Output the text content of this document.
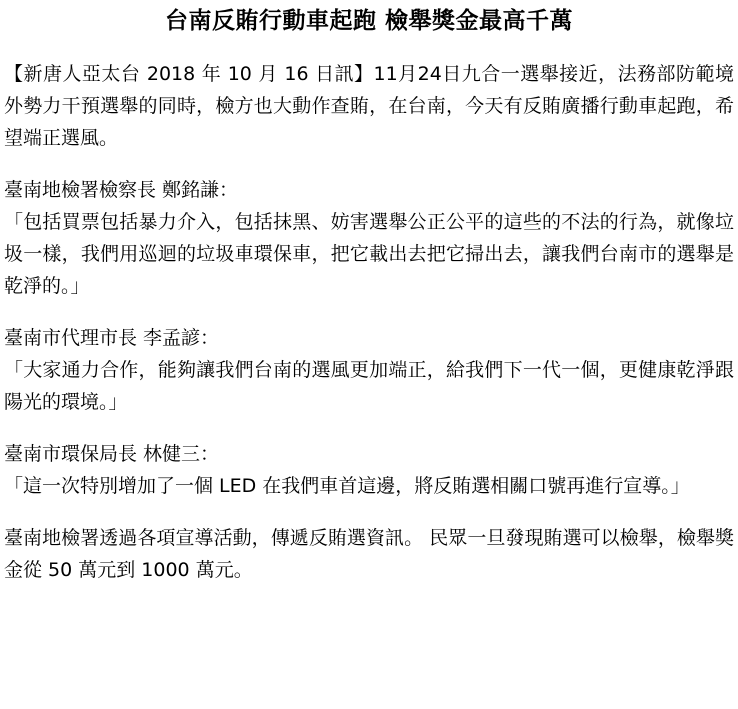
台南反賄行動車起跑 檢舉獎金最高千萬

【新唐人亞太台 2018 年 10 月 16 日訊】11月24日九合一選舉接近，法務部防範境外勢力干預選舉的同時，檢方也大動作查賄，在台南，今天有反賄廣播行動車起跑，希望端正選風。

臺南地檢署檢察長 鄭銘謙：

「包括買票包括暴力介入，包括抹黑、妨害選舉公正公平的這些的不法的行為，就像垃圾一樣，我們用巡迴的垃圾車環保車，把它載出去把它掃出去，讓我們台南市的選舉是乾淨的。」

臺南市代理市長 李孟諺：

「大家通力合作，能夠讓我們台南的選風更加端正，給我們下一代一個，更健康乾淨跟陽光的環境。」

臺南市環保局長 林健三：

「這一次特別增加了一個 LED 在我們車首這邊，將反賄選相關口號再進行宣導。」

臺南地檢署透過各項宣導活動，傳遞反賄選資訊。 民眾一旦發現賄選可以檢舉，檢舉獎金從 50 萬元到 1000 萬元。
